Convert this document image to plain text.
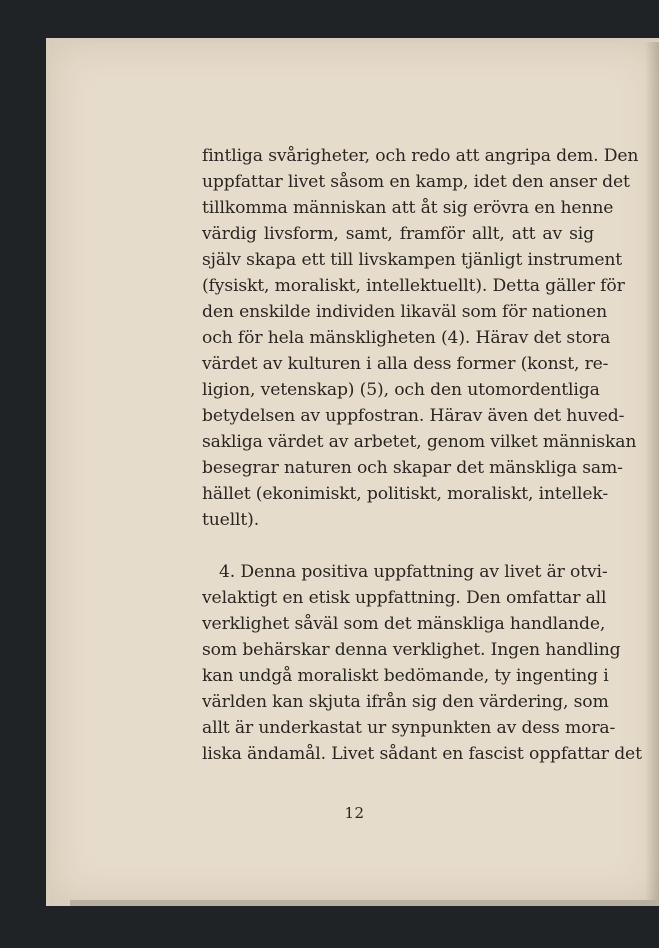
fintliga svårigheter, och redo att angripa dem. Den
uppfattar livet såsom en kamp, idet den anser det
tillkomma människan att åt sig erövra en henne
värdig livsform, samt, framför allt, att av sig
själv skapa ett till livskampen tjänligt instrument
(fysiskt, moraliskt, intellektuellt). Detta gäller för
den enskilde individen likaväl som för nationen
och för hela mänskligheten (4). Härav det stora
värdet av kulturen i alla dess former (konst, re-
ligion, vetenskap) (5), och den utomordentliga
betydelsen av uppfostran. Härav även det huved-
sakliga värdet av arbetet, genom vilket människan
besegrar naturen och skapar det mänskliga sam-
hället (ekonimiskt, politiskt, moraliskt, intellek-
tuellt).
4. Denna positiva uppfattning av livet är otvi-
velaktigt en etisk uppfattning. Den omfattar all
verklighet såväl som det mänskliga handlande,
som behärskar denna verklighet. Ingen handling
kan undgå moraliskt bedömande, ty ingenting i
världen kan skjuta ifrån sig den värdering, som
allt är underkastat ur synpunkten av dess mora-
liska ändamål. Livet sådant en fascist oppfattar det
12
